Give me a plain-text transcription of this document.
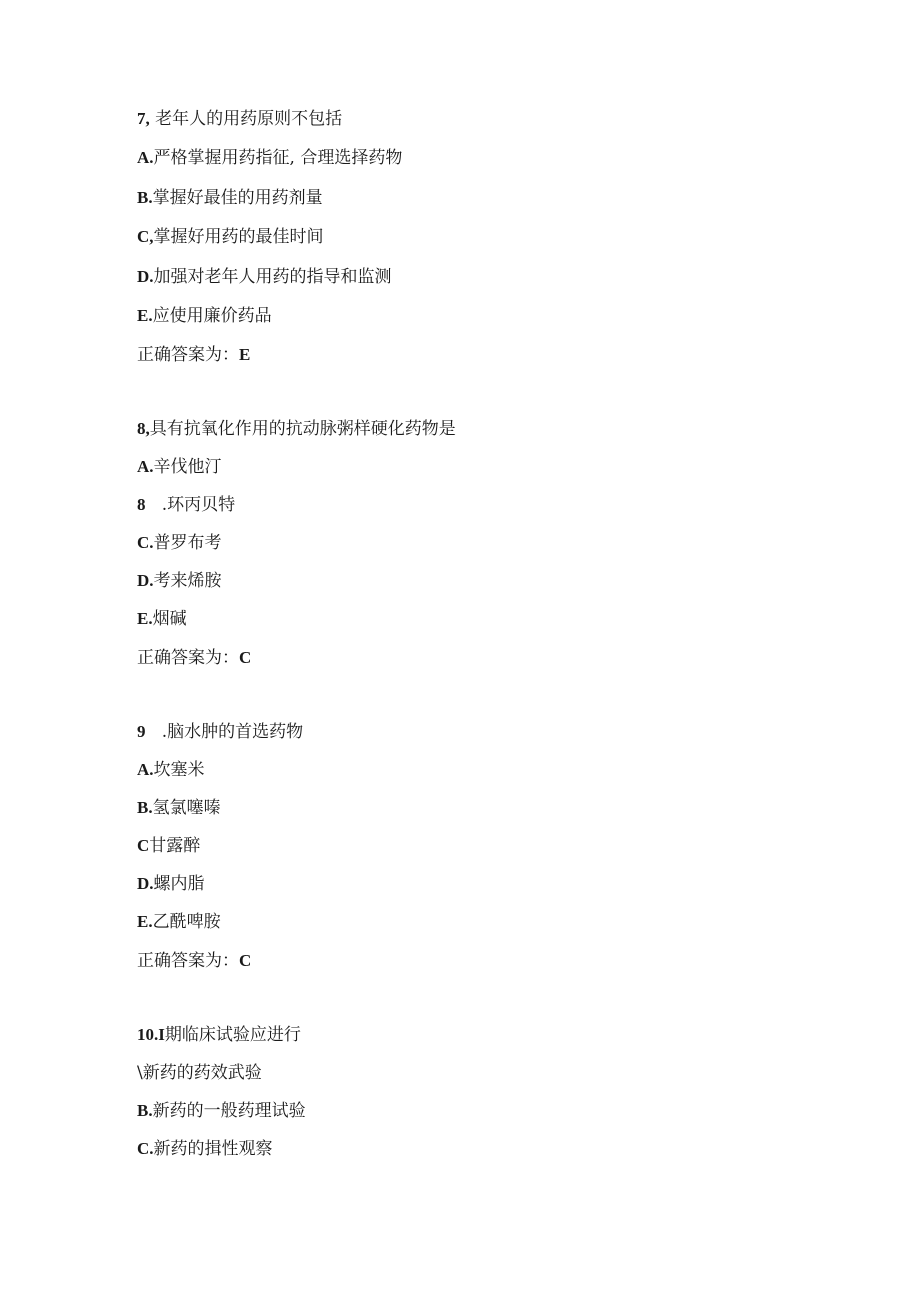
7, 老年人的用药原则不包括
A.严格掌握用药指征, 合理选择药物
B.掌握好最佳的用药剂量
C,掌握好用药的最佳时间
D.加强对老年人用药的指导和监测
E.应使用廉价药品
正确答案为：E
8,具有抗氧化作用的抗动脉粥样硬化药物是
A.辛伐他汀
8   .环丙贝特
C.普罗布考
D.考来烯胺
E.烟碱
正确答案为：C
9   .脑水肿的首选药物
A.坎塞米
B.氢氯噻嗪
C甘露醉
D.螺内脂
E.乙酰啤胺
正确答案为：C
10.I期临床试验应进行
\新药的药效武验
B.新药的一般药理试验
C.新药的揖性观察
